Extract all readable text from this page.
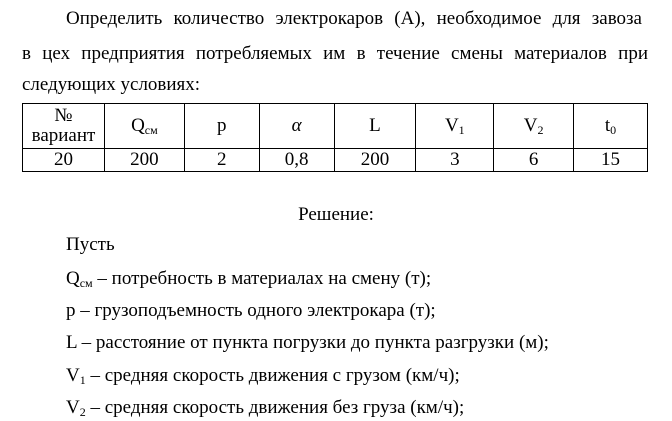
Определить количество электрокаров (А), необходимое для завоза
в цех предприятия потребляемых им в течение смены материалов при
следующих условиях:
№
вариант	$Q_{см}$	p	α	L	$V_1$	$V_2$	$t_0$
20	200	2	0,8	200	3	6	15
Решение:
Пусть
$Q_{см}$ – потребность в материалах на смену (т);
p – грузоподъемность одного электрокара (т);
L – расстояние от пункта погрузки до пункта разгрузки (м);
$V_1$ – средняя скорость движения с грузом (км/ч);
$V_2$ – средняя скорость движения без груза (км/ч);
